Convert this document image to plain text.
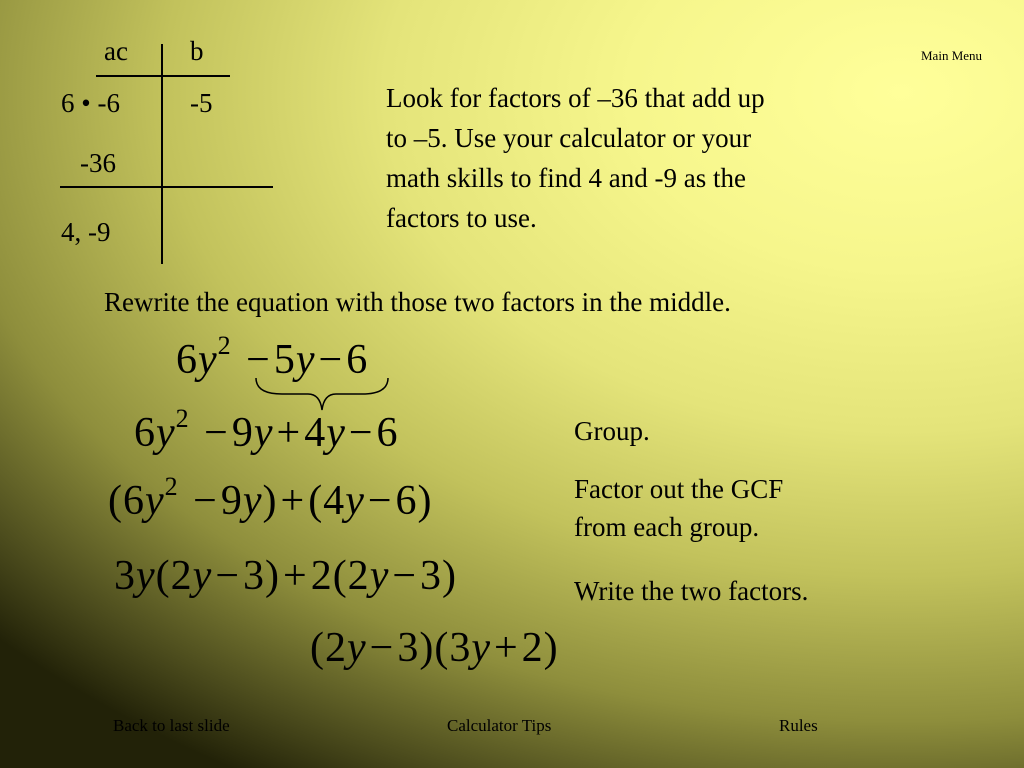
Main Menu
ac b
6 • -6	-5
-36
4, -9
Look for factors of –36 that add up
to –5. Use your calculator or your
math skills to find 4 and -9 as the
factors to use.
Rewrite the equation with those two factors in the middle.
$6y^2 -5y-6$
$6y^2 -9y+4y-6$
$(6y^2 -9y)+(4y-6)$
3y(2y−3)+2(2y−3)
(2y−3)(3y+2)
Group.
Factor out the GCF
from each group.
Write the two factors.
Back to last slide	Calculator Tips	Rules
